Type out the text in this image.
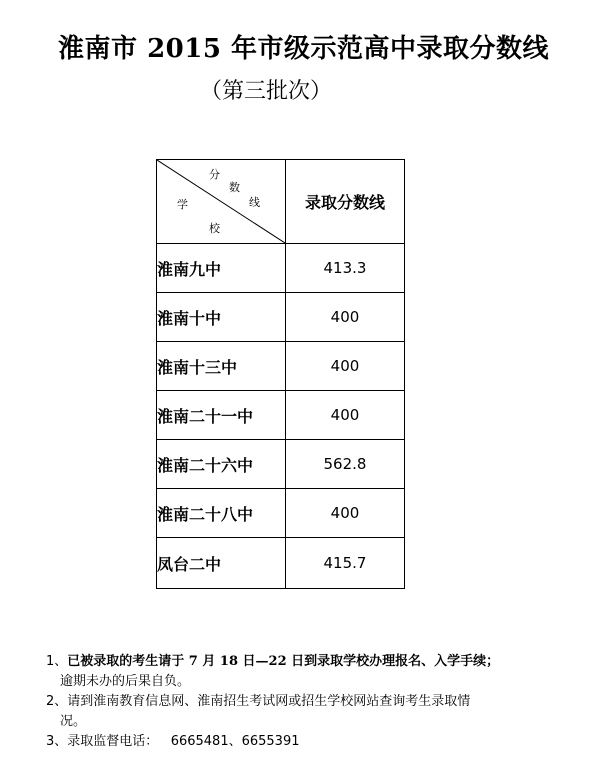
淮南市 2015 年市级示范高中录取分数线
（第三批次）
分
数
线
学
校	录取分数线
淮南九中	413.3
淮南十中	400
淮南十三中	400
淮南二十一中	400
淮南二十六中	562.8
淮南二十八中	400
凤台二中	415.7
1、已被录取的考生请于 7 月 18 日—22 日到录取学校办理报名、入学手续；
逾期未办的后果自负。
2、请到淮南教育信息网、淮南招生考试网或招生学校网站查询考生录取情
况。
3、录取监督电话： 6665481、6655391
